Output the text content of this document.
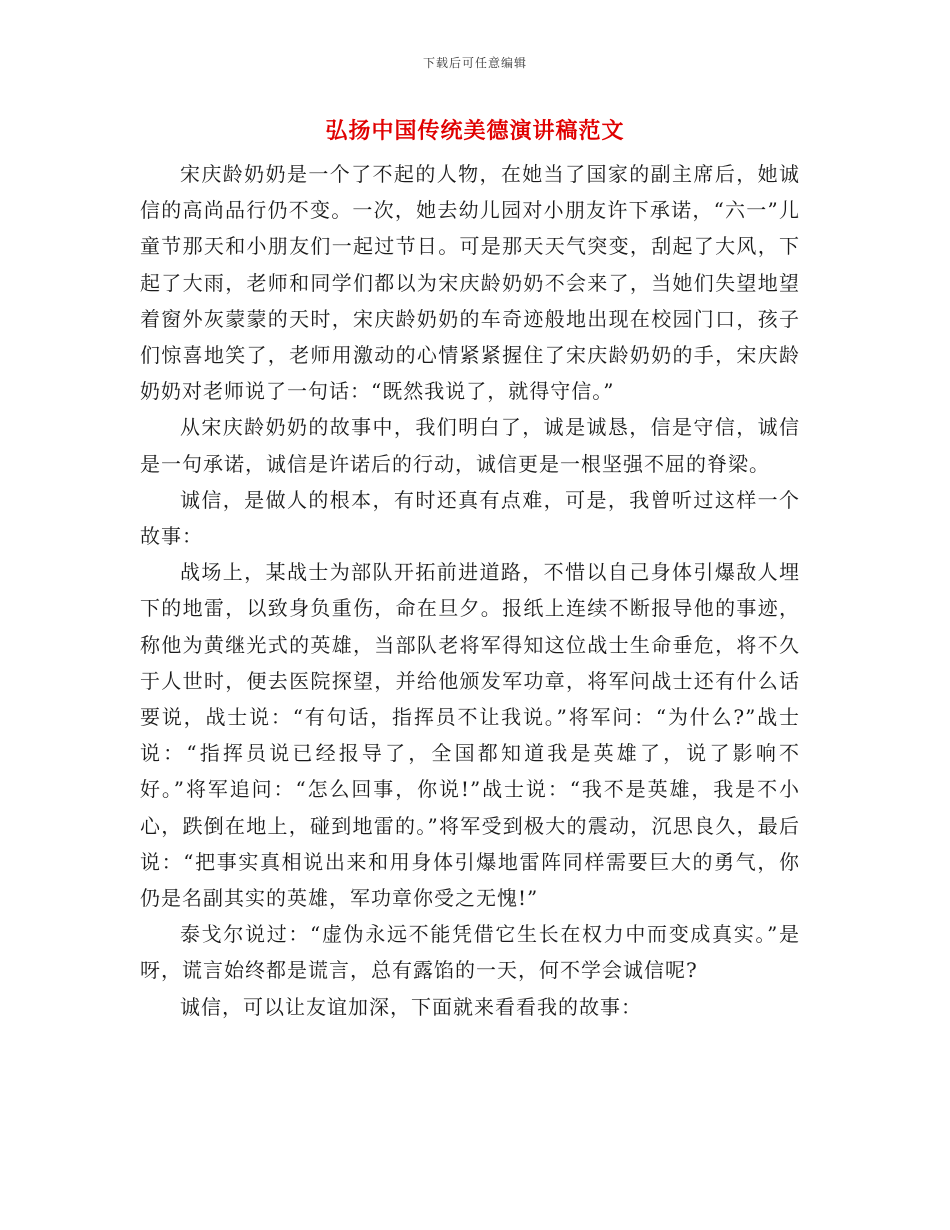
下载后可任意编辑
弘扬中国传统美德演讲稿范文

宋庆龄奶奶是一个了不起的人物，在她当了国家的副主席后，她诚信的高尚品行仍不变。一次，她去幼儿园对小朋友许下承诺，“六一”儿童节那天和小朋友们一起过节日。可是那天天气突变，刮起了大风，下起了大雨，老师和同学们都以为宋庆龄奶奶不会来了，当她们失望地望着窗外灰蒙蒙的天时，宋庆龄奶奶的车奇迹般地出现在校园门口，孩子们惊喜地笑了，老师用激动的心情紧紧握住了宋庆龄奶奶的手，宋庆龄奶奶对老师说了一句话：“既然我说了，就得守信。”

从宋庆龄奶奶的故事中，我们明白了，诚是诚恳，信是守信，诚信是一句承诺，诚信是许诺后的行动，诚信更是一根坚强不屈的脊梁。

诚信，是做人的根本，有时还真有点难，可是，我曾听过这样一个故事：

战场上，某战士为部队开拓前进道路，不惜以自己身体引爆敌人埋下的地雷，以致身负重伤，命在旦夕。报纸上连续不断报导他的事迹，称他为黄继光式的英雄，当部队老将军得知这位战士生命垂危，将不久于人世时，便去医院探望，并给他颁发军功章，将军问战士还有什么话要说，战士说：“有句话，指挥员不让我说。”将军问：“为什么?”战士说：“指挥员说已经报导了，全国都知道我是英雄了，说了影响不好。”将军追问：“怎么回事，你说!”战士说：“我不是英雄，我是不小心，跌倒在地上，碰到地雷的。”将军受到极大的震动，沉思良久，最后说：“把事实真相说出来和用身体引爆地雷阵同样需要巨大的勇气，你仍是名副其实的英雄，军功章你受之无愧!”

泰戈尔说过：“虚伪永远不能凭借它生长在权力中而变成真实。”是呀，谎言始终都是谎言，总有露馅的一天，何不学会诚信呢?

诚信，可以让友谊加深，下面就来看看我的故事：
